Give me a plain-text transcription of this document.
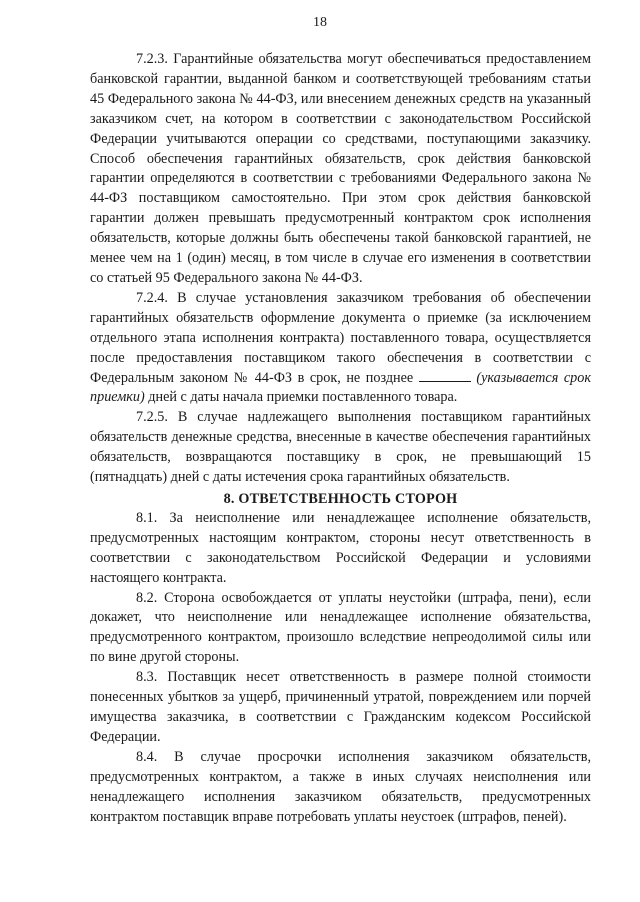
18

7.2.3. Гарантийные обязательства могут обеспечиваться предоставлением банковской гарантии, выданной банком и соответствующей требованиям статьи 45 Федерального закона № 44-ФЗ, или внесением денежных средств на указанный заказчиком счет, на котором в соответствии с законодательством Российской Федерации учитываются операции со средствами, поступающими заказчику. Способ обеспечения гарантийных обязательств, срок действия банковской гарантии определяются в соответствии с требованиями Федерального закона № 44-ФЗ поставщиком самостоятельно. При этом срок действия банковской гарантии должен превышать предусмотренный контрактом срок исполнения обязательств, которые должны быть обеспечены такой банковской гарантией, не менее чем на 1 (один) месяц, в том числе в случае его изменения в соответствии со статьей 95 Федерального закона № 44-ФЗ.

7.2.4. В случае установления заказчиком требования об обеспечении гарантийных обязательств оформление документа о приемке (за исключением отдельного этапа исполнения контракта) поставленного товара, осуществляется после предоставления поставщиком такого обеспечения в соответствии с Федеральным законом № 44-ФЗ в срок, не позднее	(указывается срок приемки) дней с даты начала приемки поставленного товара.

7.2.5. В случае надлежащего выполнения поставщиком гарантийных обязательств денежные средства, внесенные в качестве обеспечения гарантийных обязательств, возвращаются поставщику в срок, не превышающий 15 (пятнадцать) дней с даты истечения срока гарантийных обязательств.

8. ОТВЕТСТВЕННОСТЬ СТОРОН

8.1. За неисполнение или ненадлежащее исполнение обязательств, предусмотренных настоящим контрактом, стороны несут ответственность в соответствии с законодательством Российской Федерации и условиями настоящего контракта.

8.2. Сторона освобождается от уплаты неустойки (штрафа, пени), если докажет, что неисполнение или ненадлежащее исполнение обязательства, предусмотренного контрактом, произошло вследствие непреодолимой силы или по вине другой стороны.

8.3. Поставщик несет ответственность в размере полной стоимости понесенных убытков за ущерб, причиненный утратой, повреждением или порчей имущества заказчика, в соответствии с Гражданским кодексом Российской Федерации.

8.4. В случае просрочки исполнения заказчиком обязательств, предусмотренных контрактом, а также в иных случаях неисполнения или ненадлежащего исполнения заказчиком обязательств, предусмотренных контрактом поставщик вправе потребовать уплаты неустоек (штрафов, пеней).
